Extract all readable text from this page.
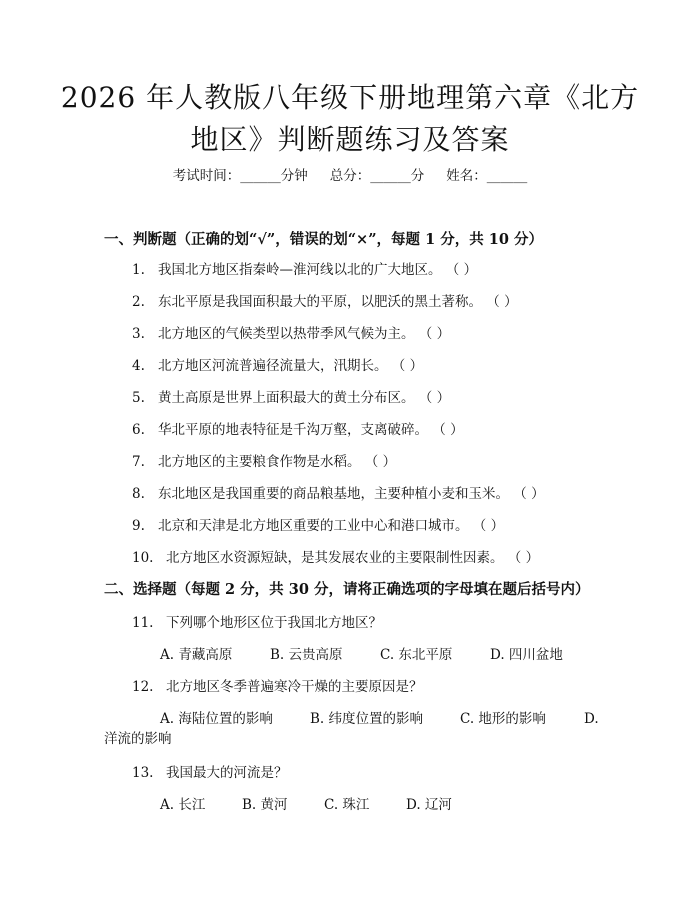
2026 年人教版八年级下册地理第六章《北方
地区》判断题练习及答案
考试时间：______分钟 总分：______分 姓名：______
一、判断题（正确的划“√”，错误的划“×”，每题 1 分，共 10 分）
1. 我国北方地区指秦岭—淮河线以北的广大地区。 （ ）
2. 东北平原是我国面积最大的平原，以肥沃的黑土著称。 （ ）
3. 北方地区的气候类型以热带季风气候为主。 （ ）
4. 北方地区河流普遍径流量大，汛期长。 （ ）
5. 黄土高原是世界上面积最大的黄土分布区。 （ ）
6. 华北平原的地表特征是千沟万壑，支离破碎。 （ ）
7. 北方地区的主要粮食作物是水稻。 （ ）
8. 东北地区是我国重要的商品粮基地，主要种植小麦和玉米。 （ ）
9. 北京和天津是北方地区重要的工业中心和港口城市。 （ ）
10. 北方地区水资源短缺，是其发展农业的主要限制性因素。 （ ）
二、选择题（每题 2 分，共 30 分，请将正确选项的字母填在题后括号内）
11. 下列哪个地形区位于我国北方地区？
A. 青藏高原	B. 云贵高原	C. 东北平原	D. 四川盆地
12. 北方地区冬季普遍寒冷干燥的主要原因是？
A. 海陆位置的影响	B. 纬度位置的影响	C. 地形的影响	D.
洋流的影响
13. 我国最大的河流是？
A. 长江	B. 黄河	C. 珠江	D. 辽河
